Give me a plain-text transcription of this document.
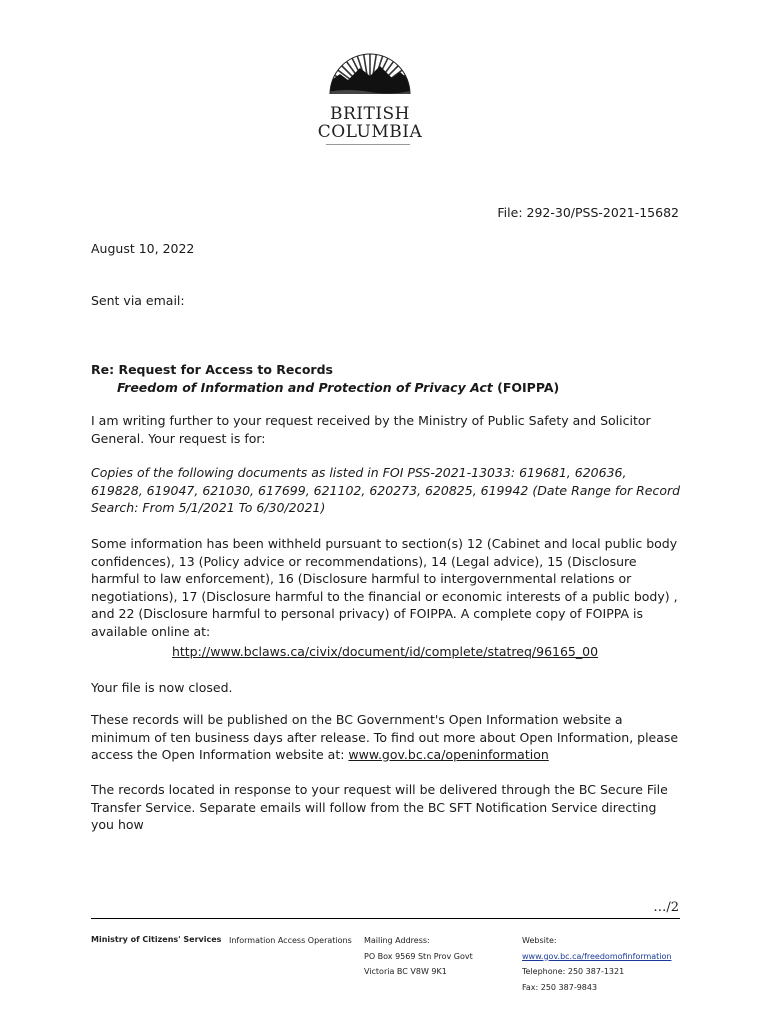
BRITISH
COLUMBIA
File: 292-30/PSS-2021-15682
August 10, 2022
Sent via email:
Re: Request for Access to Records
Freedom of Information and Protection of Privacy Act (FOIPPA)
I am writing further to your request received by the Ministry of Public Safety and Solicitor General. Your request is for:
Copies of the following documents as listed in FOI PSS-2021-13033: 619681, 620636, 619828, 619047, 621030, 617699, 621102, 620273, 620825, 619942 (Date Range for Record Search: From 5/1/2021 To 6/30/2021)
Some information has been withheld pursuant to section(s) 12 (Cabinet and local public body confidences), 13 (Policy advice or recommendations), 14 (Legal advice), 15 (Disclosure harmful to law enforcement), 16 (Disclosure harmful to intergovernmental relations or negotiations), 17 (Disclosure harmful to the financial or economic interests of a public body) , and 22 (Disclosure harmful to personal privacy) of FOIPPA. A complete copy of FOIPPA is available online at:
http://www.bclaws.ca/civix/document/id/complete/statreq/96165_00
Your file is now closed.
These records will be published on the BC Government's Open Information website a minimum of ten business days after release. To find out more about Open Information, please access the Open Information website at: www.gov.bc.ca/openinformation
The records located in response to your request will be delivered through the BC Secure File Transfer Service. Separate emails will follow from the BC SFT Notification Service directing you how
…/2
Ministry of Citizens' Services Information Access Operations Mailing Address:
PO Box 9569 Stn Prov Govt
Victoria BC V8W 9K1
Website:
www.gov.bc.ca/freedomofinformation
Telephone: 250 387-1321
Fax: 250 387-9843
